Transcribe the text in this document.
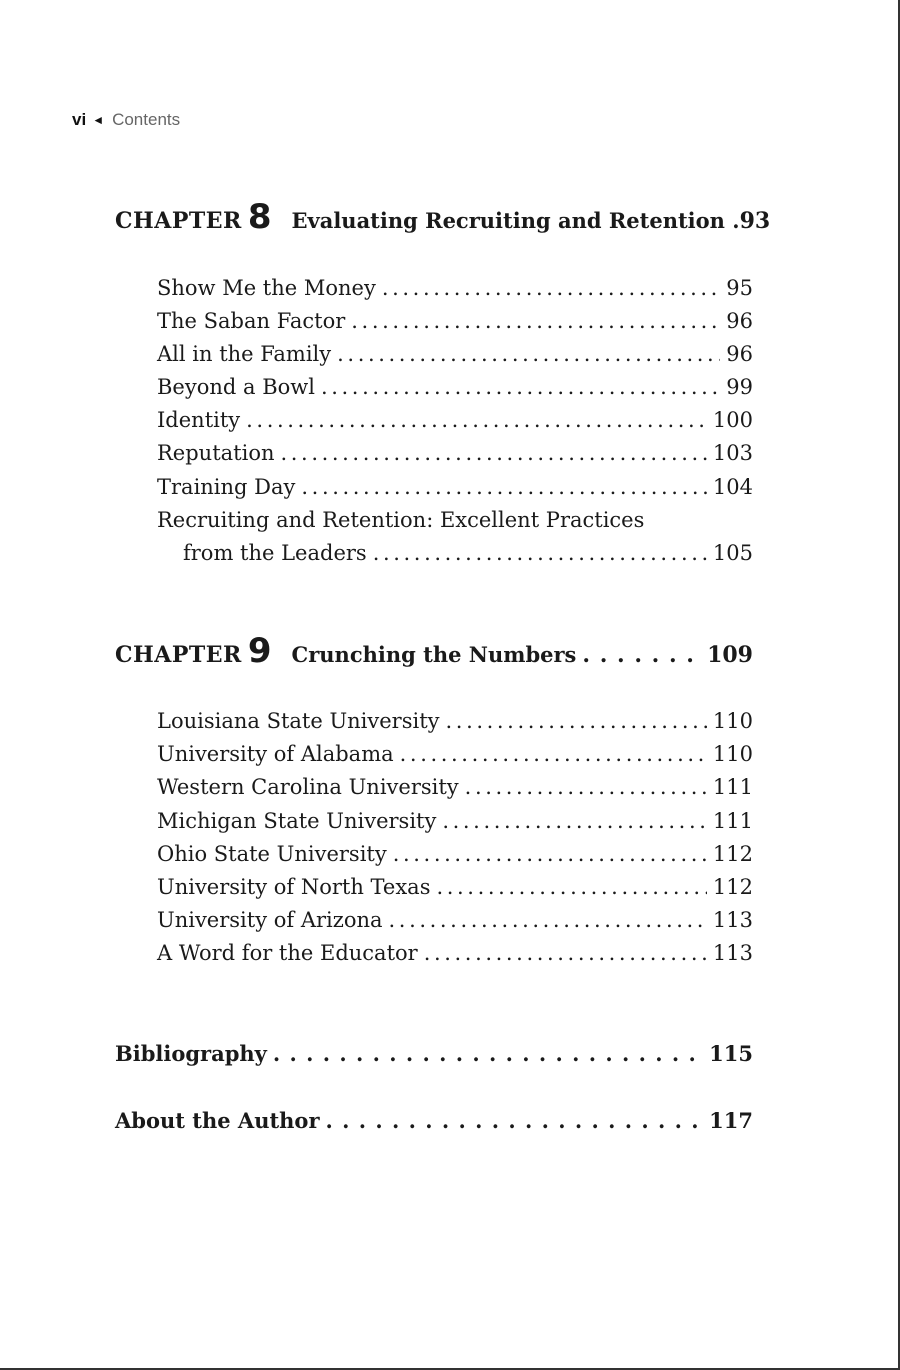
vi ◄ Contents
CHAPTER 8 Evaluating Recruiting and Retention . 93
Show Me the Money .....	95
The Saban Factor .....	96
All in the Family .....	96
Beyond a Bowl .....	99
Identity .....	100
Reputation .....	103
Training Day .....	104
Recruiting and Retention: Excellent Practices
from the Leaders .....	105
CHAPTER 9 Crunching the Numbers . . .	109
Louisiana State University .....	110
University of Alabama .....	110
Western Carolina University .....	111
Michigan State University .....	111
Ohio State University .....	112
University of North Texas .....	112
University of Arizona .....	113
A Word for the Educator .....	113
Bibliography . . .	115
About the Author . . .	117
